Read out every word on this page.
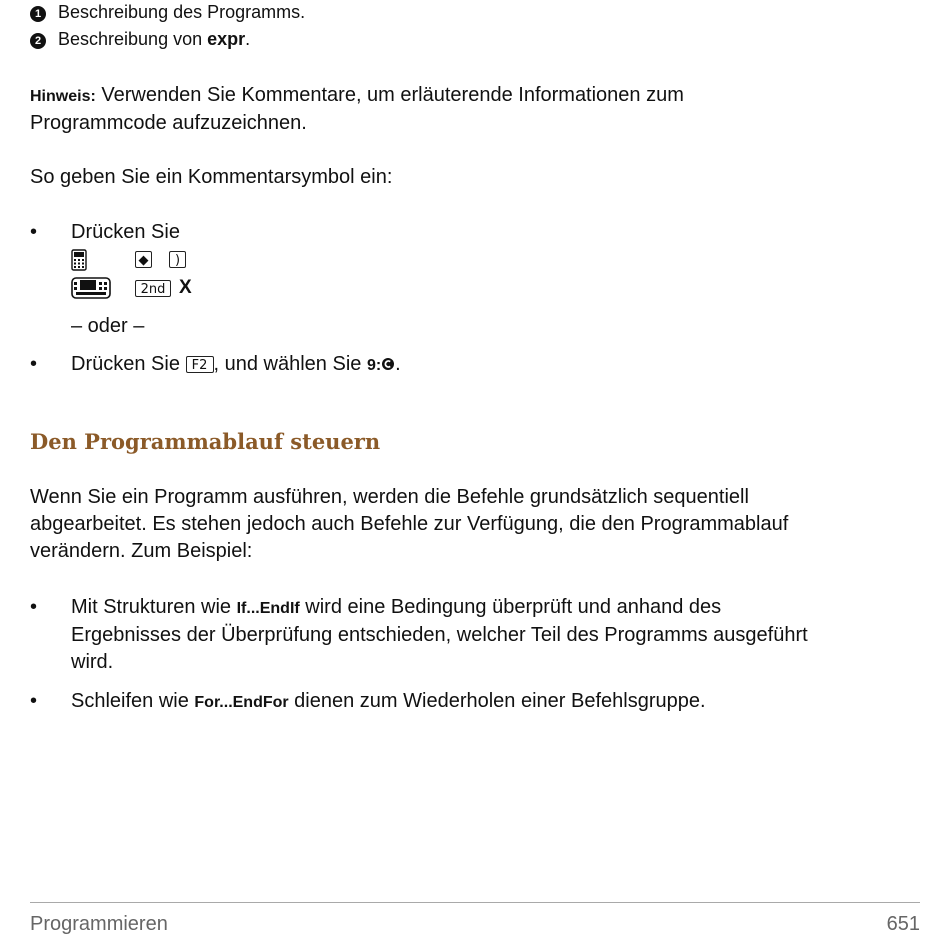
1 Beschreibung des Programms.
2 Beschreibung von expr.
Hinweis: Verwenden Sie Kommentare, um erläuterende Informationen zum
Programmcode aufzuzeichnen.
So geben Sie ein Kommentarsymbol ein:
• Drücken Sie
◆	)
2nd X
– oder –
• Drücken Sie F2 , und wählen Sie 9: .
Den Programmablauf steuern
Wenn Sie ein Programm ausführen, werden die Befehle grundsätzlich sequentiell
abgearbeitet. Es stehen jedoch auch Befehle zur Verfügung, die den Programmablauf
verändern. Zum Beispiel:
• Mit Strukturen wie If...EndIf wird eine Bedingung überprüft und anhand des
Ergebnisses der Überprüfung entschieden, welcher Teil des Programms ausgeführt
wird.
• Schleifen wie For...EndFor dienen zum Wiederholen einer Befehlsgruppe.
Programmieren	651
